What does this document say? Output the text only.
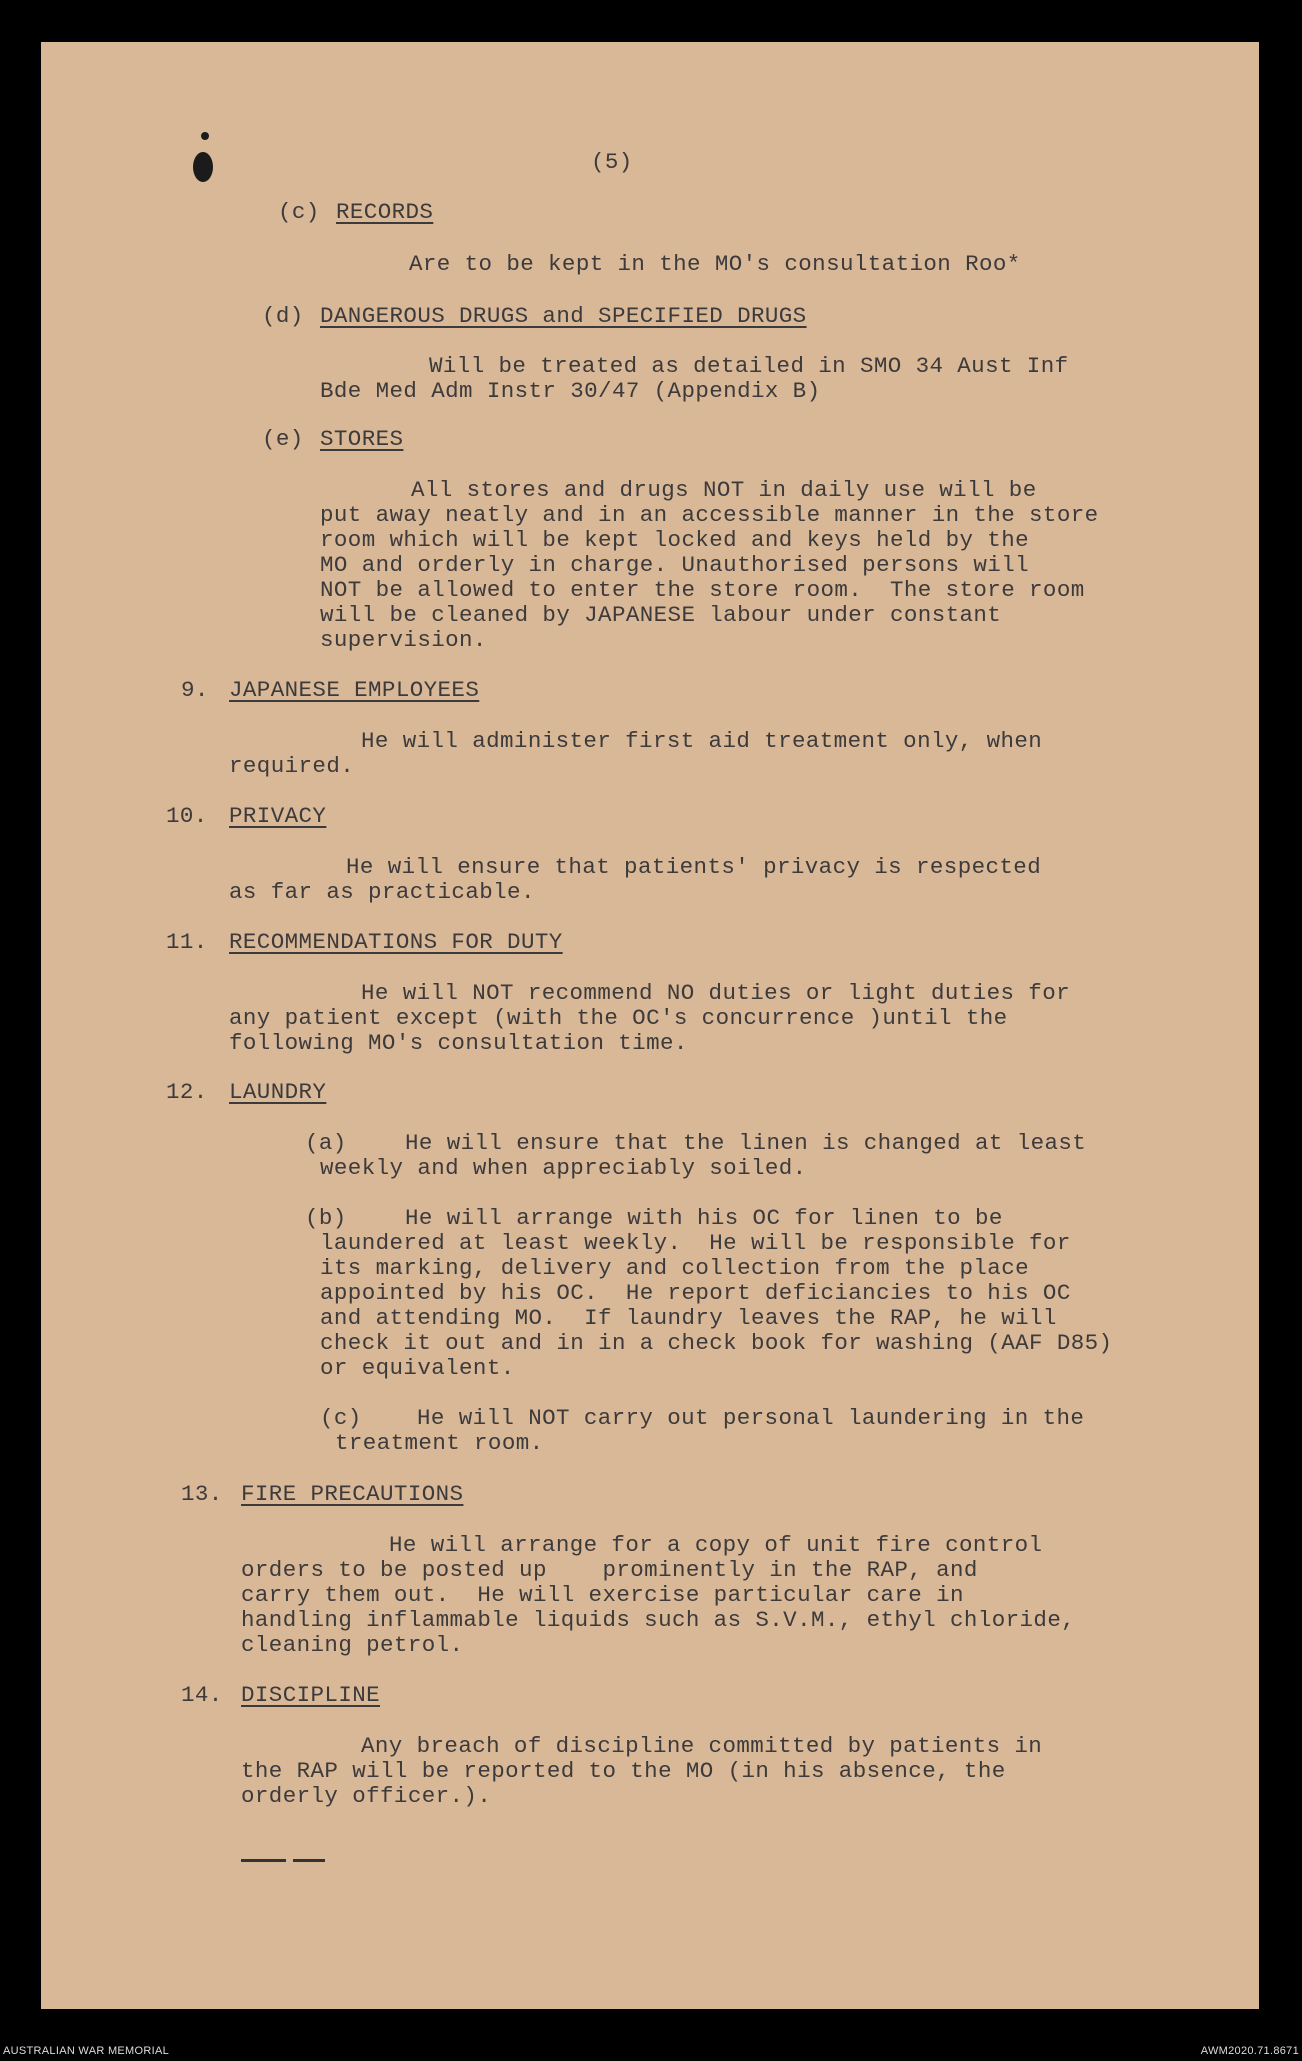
(5)
(c) RECORDS
Are to be kept in the MO's consultation Roo*
(d) DANGEROUS DRUGS and SPECIFIED DRUGS
Will be treated as detailed in SMO 34 Aust Inf
Bde Med Adm Instr 30/47 (Appendix B)
(e) STORES
All stores and drugs NOT in daily use will be
put away neatly and in an accessible manner in the store
room which will be kept locked and keys held by the
MO and orderly in charge. Unauthorised persons will
NOT be allowed to enter the store room.  The store room
will be cleaned by JAPANESE labour under constant
supervision.
9. JAPANESE EMPLOYEES
He will administer first aid treatment only, when
required.
10. PRIVACY
He will ensure that patients' privacy is respected
as far as practicable.
11. RECOMMENDATIONS FOR DUTY
He will NOT recommend NO duties or light duties for
any patient except (with the OC's concurrence )until the
following MO's consultation time.
12. LAUNDRY
(a)	He will ensure that the linen is changed at least
weekly and when appreciably soiled.
(b)	He will arrange with his OC for linen to be
laundered at least weekly.  He will be responsible for
its marking, delivery and collection from the place
appointed by his OC.  He report deficiancies to his OC
and attending MO.  If laundry leaves the RAP, he will
check it out and in in a check book for washing (AAF D85)
or equivalent.
(c) He will NOT carry out personal laundering in the
treatment room.
13. FIRE PRECAUTIONS
He will arrange for a copy of unit fire control
orders to be posted up    prominently in the RAP, and
carry them out.  He will exercise particular care in
handling inflammable liquids such as S.V.M., ethyl chloride,
cleaning petrol.
14. DISCIPLINE
Any breach of discipline committed by patients in
the RAP will be reported to the MO (in his absence, the
orderly officer.).
AUSTRALIAN WAR MEMORIAL	AWM2020.71.8671
